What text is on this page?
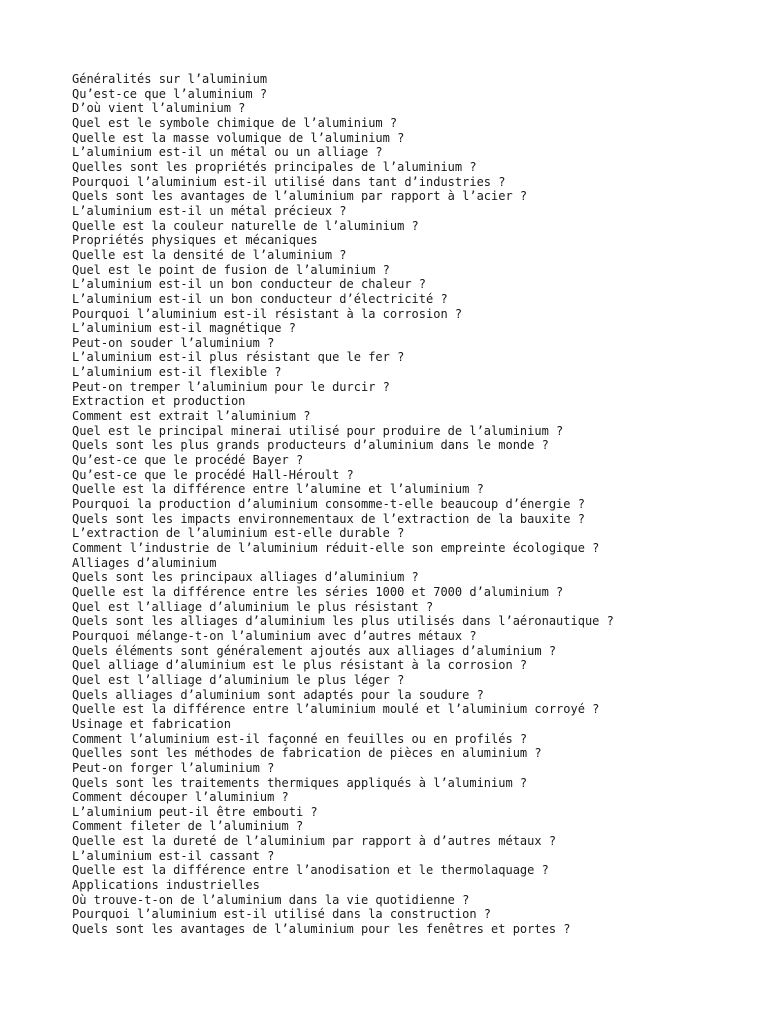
Généralités sur l’aluminium
Qu’est-ce que l’aluminium ?
D’où vient l’aluminium ?
Quel est le symbole chimique de l’aluminium ?
Quelle est la masse volumique de l’aluminium ?
L’aluminium est-il un métal ou un alliage ?
Quelles sont les propriétés principales de l’aluminium ?
Pourquoi l’aluminium est-il utilisé dans tant d’industries ?
Quels sont les avantages de l’aluminium par rapport à l’acier ?
L’aluminium est-il un métal précieux ?
Quelle est la couleur naturelle de l’aluminium ?
Propriétés physiques et mécaniques
Quelle est la densité de l’aluminium ?
Quel est le point de fusion de l’aluminium ?
L’aluminium est-il un bon conducteur de chaleur ?
L’aluminium est-il un bon conducteur d’électricité ?
Pourquoi l’aluminium est-il résistant à la corrosion ?
L’aluminium est-il magnétique ?
Peut-on souder l’aluminium ?
L’aluminium est-il plus résistant que le fer ?
L’aluminium est-il flexible ?
Peut-on tremper l’aluminium pour le durcir ?
Extraction et production
Comment est extrait l’aluminium ?
Quel est le principal minerai utilisé pour produire de l’aluminium ?
Quels sont les plus grands producteurs d’aluminium dans le monde ?
Qu’est-ce que le procédé Bayer ?
Qu’est-ce que le procédé Hall-Héroult ?
Quelle est la différence entre l’alumine et l’aluminium ?
Pourquoi la production d’aluminium consomme-t-elle beaucoup d’énergie ?
Quels sont les impacts environnementaux de l’extraction de la bauxite ?
L’extraction de l’aluminium est-elle durable ?
Comment l’industrie de l’aluminium réduit-elle son empreinte écologique ?
Alliages d’aluminium
Quels sont les principaux alliages d’aluminium ?
Quelle est la différence entre les séries 1000 et 7000 d’aluminium ?
Quel est l’alliage d’aluminium le plus résistant ?
Quels sont les alliages d’aluminium les plus utilisés dans l’aéronautique ?
Pourquoi mélange-t-on l’aluminium avec d’autres métaux ?
Quels éléments sont généralement ajoutés aux alliages d’aluminium ?
Quel alliage d’aluminium est le plus résistant à la corrosion ?
Quel est l’alliage d’aluminium le plus léger ?
Quels alliages d’aluminium sont adaptés pour la soudure ?
Quelle est la différence entre l’aluminium moulé et l’aluminium corroyé ?
Usinage et fabrication
Comment l’aluminium est-il façonné en feuilles ou en profilés ?
Quelles sont les méthodes de fabrication de pièces en aluminium ?
Peut-on forger l’aluminium ?
Quels sont les traitements thermiques appliqués à l’aluminium ?
Comment découper l’aluminium ?
L’aluminium peut-il être embouti ?
Comment fileter de l’aluminium ?
Quelle est la dureté de l’aluminium par rapport à d’autres métaux ?
L’aluminium est-il cassant ?
Quelle est la différence entre l’anodisation et le thermolaquage ?
Applications industrielles
Où trouve-t-on de l’aluminium dans la vie quotidienne ?
Pourquoi l’aluminium est-il utilisé dans la construction ?
Quels sont les avantages de l’aluminium pour les fenêtres et portes ?
